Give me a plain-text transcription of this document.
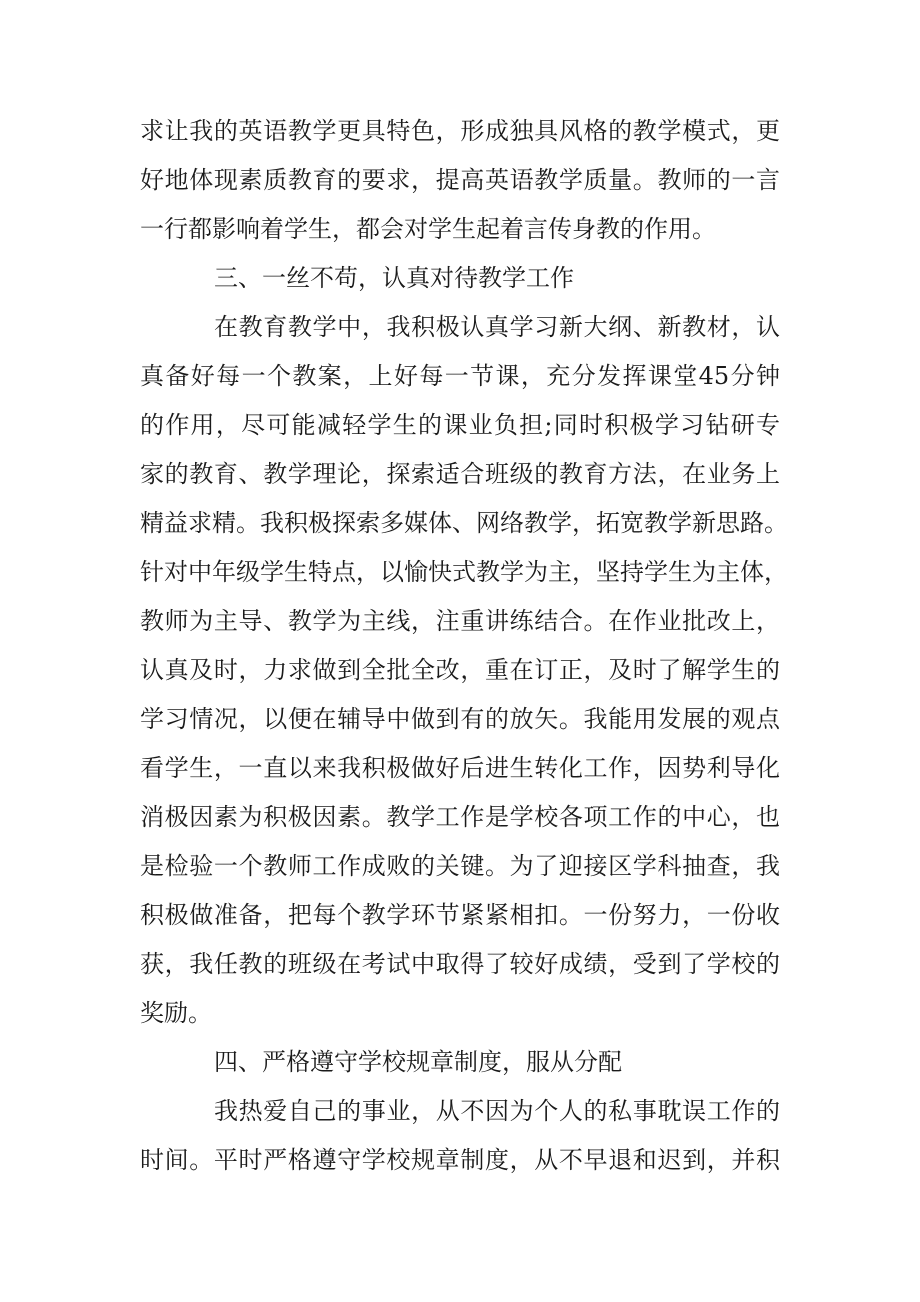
求让我的英语教学更具特色，形成独具风格的教学模式，更
好地体现素质教育的要求，提高英语教学质量。教师的一言
一行都影响着学生，都会对学生起着言传身教的作用。
三、一丝不苟，认真对待教学工作
在教育教学中，我积极认真学习新大纲、新教材，认
真备好每一个教案，上好每一节课，充分发挥课堂45分钟
的作用，尽可能减轻学生的课业负担;同时积极学习钻研专
家的教育、教学理论，探索适合班级的教育方法，在业务上
精益求精。我积极探索多媒体、网络教学，拓宽教学新思路。
针对中年级学生特点，以愉快式教学为主，坚持学生为主体，
教师为主导、教学为主线，注重讲练结合。在作业批改上，
认真及时，力求做到全批全改，重在订正，及时了解学生的
学习情况，以便在辅导中做到有的放矢。我能用发展的观点
看学生，一直以来我积极做好后进生转化工作，因势利导化
消极因素为积极因素。教学工作是学校各项工作的中心，也
是检验一个教师工作成败的关键。为了迎接区学科抽查，我
积极做准备，把每个教学环节紧紧相扣。一份努力，一份收
获，我任教的班级在考试中取得了较好成绩，受到了学校的
奖励。
四、严格遵守学校规章制度，服从分配
我热爱自己的事业，从不因为个人的私事耽误工作的
时间。平时严格遵守学校规章制度，从不早退和迟到，并积
